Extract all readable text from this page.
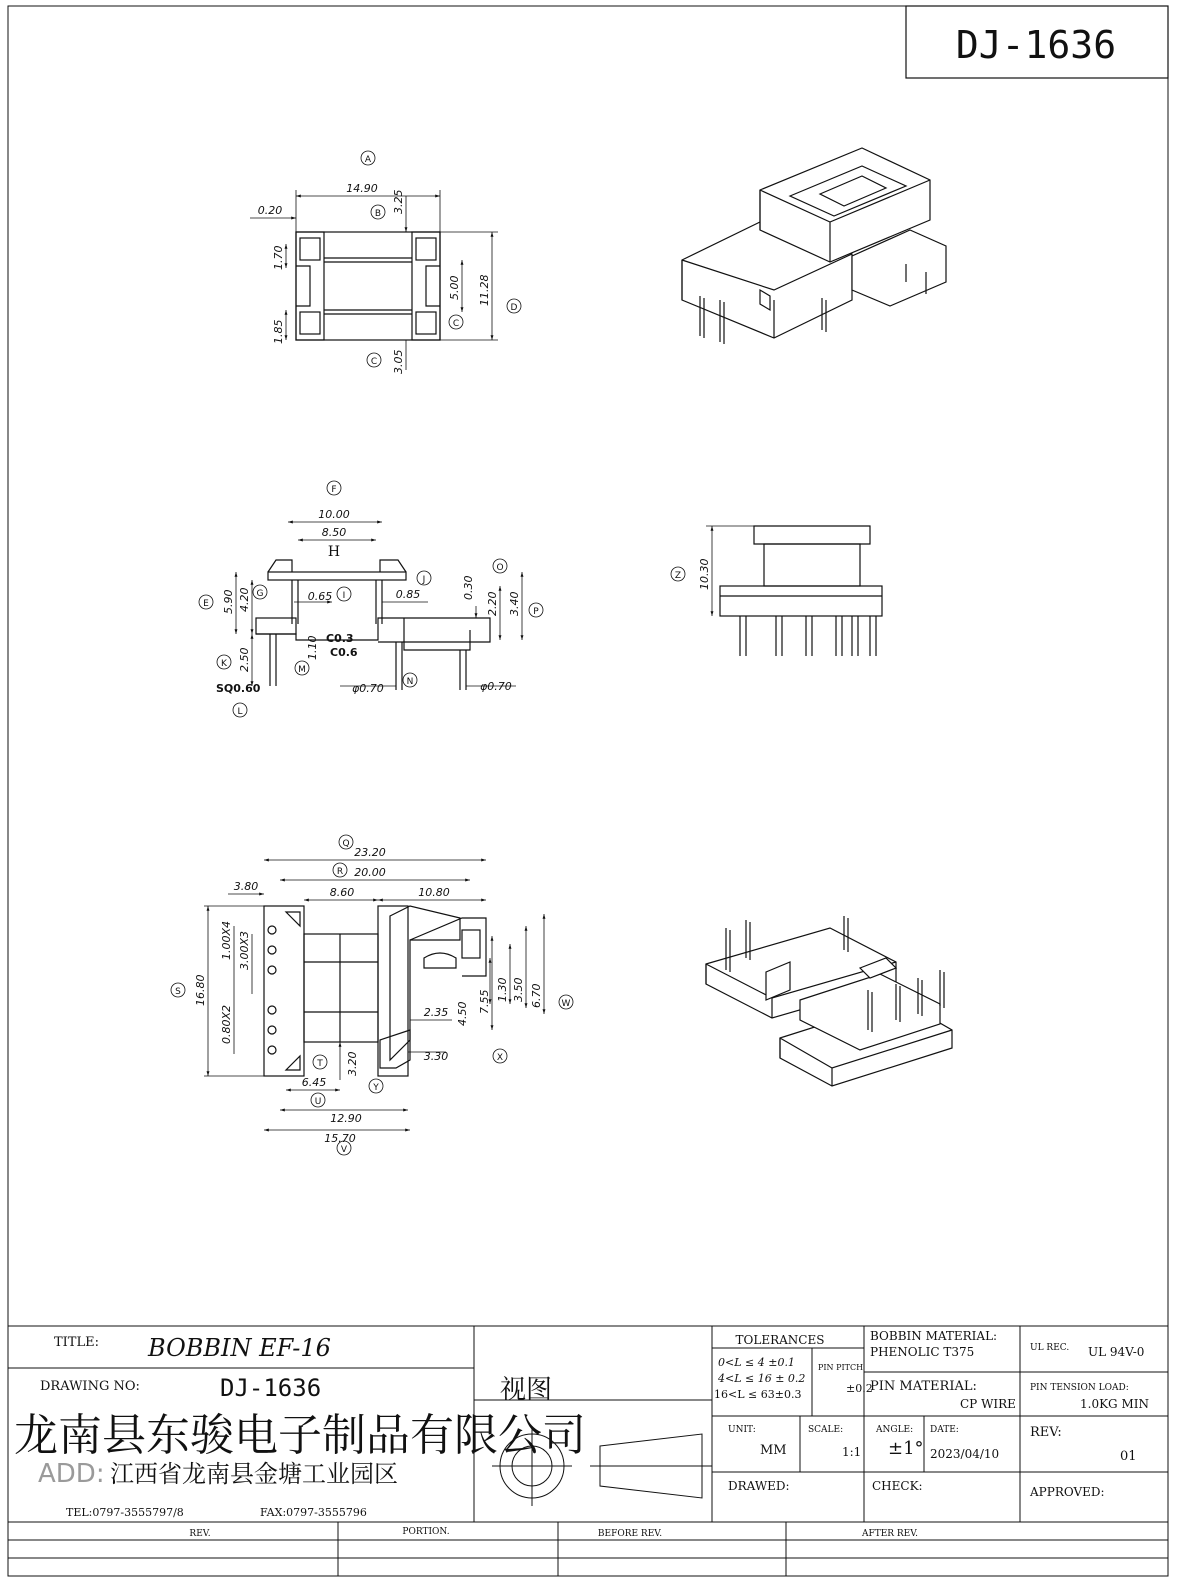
DJ-1636
A
B
C
C
D
14.90
0.20	3.25
1.70
5.00 11.28
1.85
3.05
F
H
G	I
J
O
E
P
K
M
N
L
10.00
8.50
5.90 4.20	0.65	0.85	0.30
2.20 3.40
2.50	1.10 C0.3
C0.6
SQ0.60	φ0.70	φ0.70
Z 10.30
Q
R
S
T
U
V
W
X
Y
23.20
20.00
3.80	8.60	10.80
16.80
1.00X4 3.00X3
0.80X2	2.35 4.50 7.55 1.30 3.50 6.70
3.20	3.30
6.45
12.90
15.70
TITLE: BOBBIN EF-16
DRAWING NO:	DJ-1636	视图
龙南县东骏电子制品有限公司
ADD: 江西省龙南县金塘工业园区
TEL:0797-3555797/8	FAX:0797-3555796
TOLERANCES
0<L ≤ 4 ±0.1
4<L ≤ 16 ± 0.2
16<L ≤ 63±0.3
PIN PITCH
±0.2
BOBBIN MATERIAL:
PHENOLIC T375
PIN MATERIAL:
CP WIRE
UL REC. UL 94V-0
PIN TENSION LOAD:
1.0KG MIN
UNIT:
MM
SCALE:
1:1
ANGLE:
±1°
DATE:
2023/04/10
REV:
01
DRAWED:	CHECK:	APPROVED:
REV.	PORTION.	BEFORE REV.	AFTER REV.
